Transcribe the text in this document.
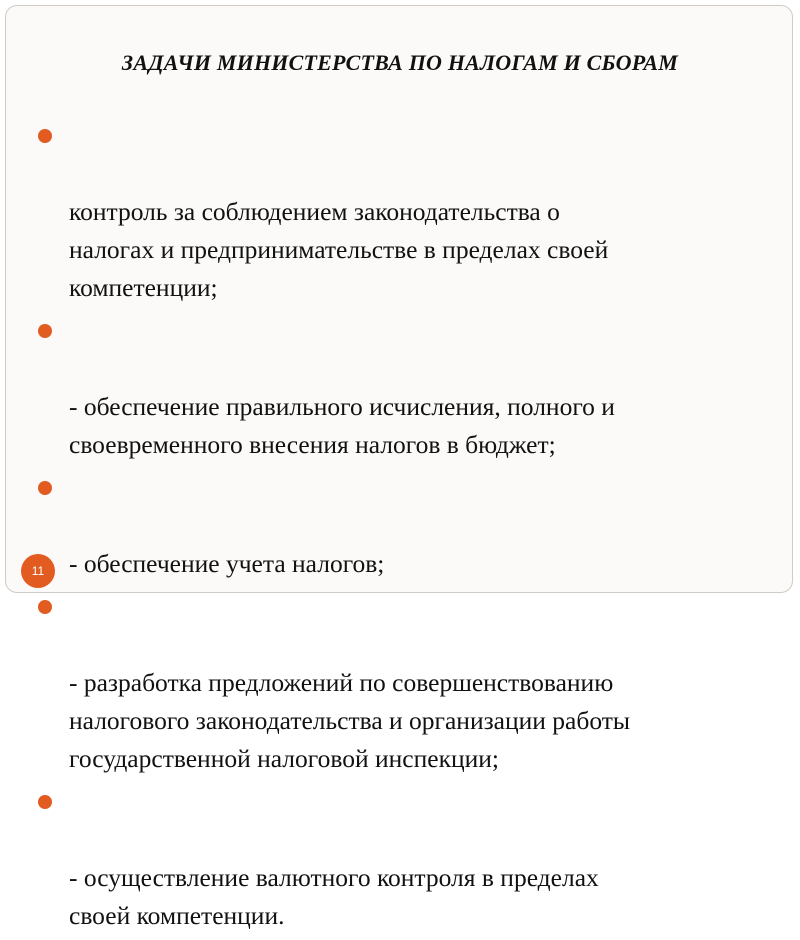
ЗАДАЧИ МИНИСТЕРСТВА ПО НАЛОГАМ И СБОРАМ

контроль за соблюдением законодательства о
налогах и предпринимательстве в пределах своей
компетенции;

- обеспечение правильного исчисления, полного и
своевременного внесения налогов в бюджет;

- обеспечение учета налогов;

- разработка предложений по совершенствованию
налогового законодательства и организации работы
государственной налоговой инспекции;

- осуществление валютного контроля в пределах
своей компетенции.

11
